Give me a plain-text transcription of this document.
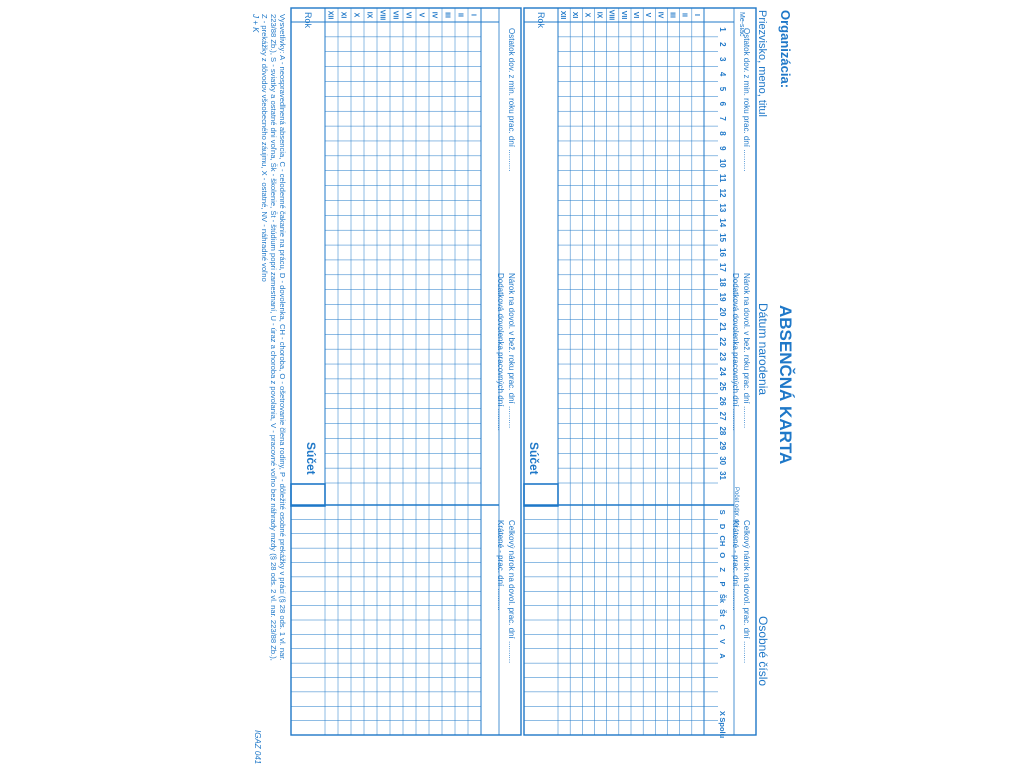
I
II
III
IV
V
VI
VII
VIII
IX
X
XI
XII
Rok
I
II
III
IV
V
VI
VII
VIII
IX
X
XI
XII
Rok
1
2
3
4
5
6
7
8
9
10
11
12
13
14
15
16
17
18
19
20
21
22
23
24
25
26
27
28
29
30
31
S
D
CH
O
Z
P
Šk
Št
C
V
A
X
Spolu
Organizácia:
Priezvisko, meno, titul
ABSENČNÁ KARTA
Dátum narodenia
Osobné číslo
Ostatok dov. z min. roku prac. dní ..........
Nárok na dovol. v bež. roku prac. dní ..........
Dodatková dovolenka pracovných dní ..........
Celkový nárok na dovol. prac. dní ..........
Krátené - prac. dní ..........
Me-siac
Súčet
Počet odpr. dní
Ostatok dov. z min. roku prac. dní ..........
Nárok na dovol. v bež. roku prac. dní ..........
Dodatková dovolenka pracovných dní ..........
Celkový nárok na dovol. prac. dní ..........
Krátené - prac. dní ..........
Súčet
Vysvetlivky: A - neospravedlnená absencia, C - celodenné čakanie na prácu, D - dovolenka, CH - choroba, O - ošetrovanie člena rodiny, P - dôležité osobné prekážky v práci (§ 28 ods. 1 vl. nar.
223/88 Zb.), S - sviatky a ostatné dni voľna, Šk - školenie, Št - štúdium popri zamestnaní, U - úraz a choroba z povolania, V - pracovné voľno bez náhrady mzdy (§ 28 ods. 2 vl. nar. 223/88 Zb.),
Z - prekážky z dôvodov všeobecného záujmu, X - ostatné, NV - náhradné voľno
IGAZ 041
J + K
